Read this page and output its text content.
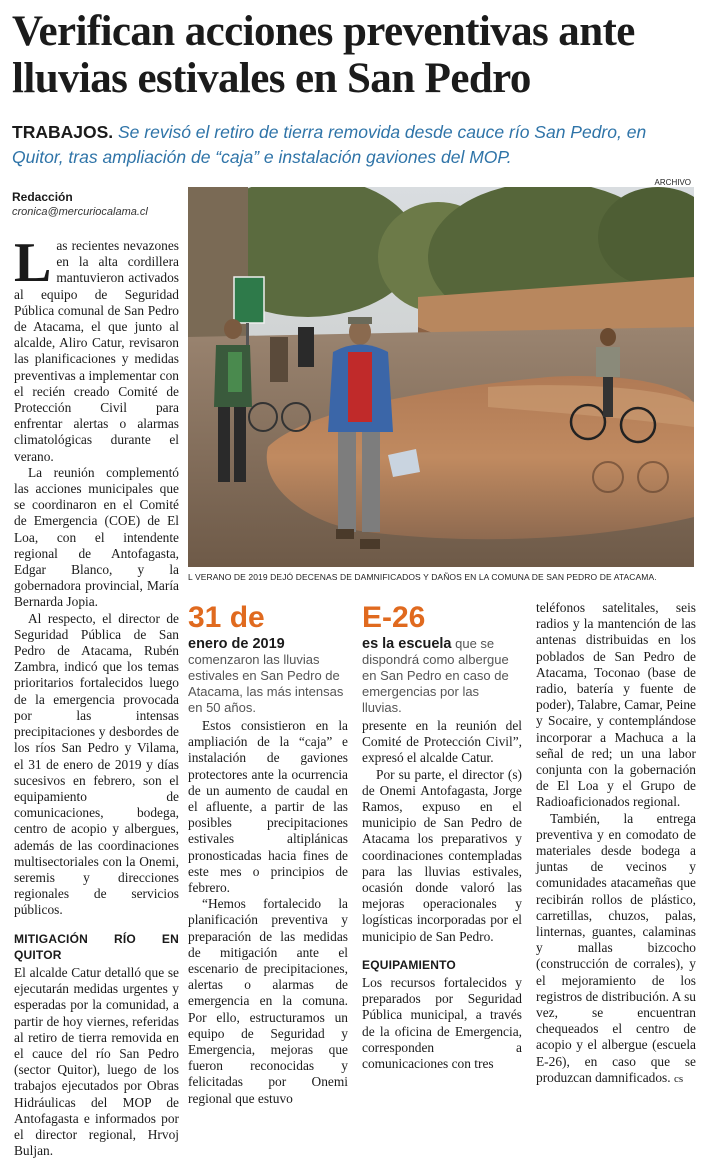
Verifican acciones preventivas ante lluvias estivales en San Pedro

TRABAJOS. Se revisó el retiro de tierra removida desde cauce río San Pedro, en Quitor, tras ampliación de “caja” e instalación gaviones del MOP.

Redacción
cronica@mercuriocalama.cl

Las recientes nevazones en la alta cordillera mantuvieron activados al equipo de Seguridad Pública comunal de San Pedro de Atacama, el que junto al alcalde, Aliro Catur, revisaron las planificaciones y medidas preventivas a implementar con el recién creado Comité de Protección Civil para enfrentar alertas o alarmas climatológicas durante el verano.

La reunión complementó las acciones municipales que se coordinaron en el Comité de Emergencia (COE) de El Loa, con el intendente regional de Antofagasta, Edgar Blanco, y la gobernadora provincial, María Bernarda Jopia.

Al respecto, el director de Seguridad Pública de San Pedro de Atacama, Rubén Zambra, indicó que los temas prioritarios fortalecidos luego de la emergencia provocada por las intensas precipitaciones y desbordes de los ríos San Pedro y Vilama, el 31 de enero de 2019 y días sucesivos en febrero, son el equipamiento de comunicaciones, bodega, centro de acopio y albergues, además de las coordinaciones multisectoriales con la Onemi, seremis y direcciones regionales de servicios públicos.

MITIGACIÓN RÍO EN QUITOR

El alcalde Catur detalló que se ejecutarán medidas urgentes y esperadas por la comunidad, a partir de hoy viernes, referidas al retiro de tierra removida en el cauce del río San Pedro (sector Quitor), luego de los trabajos ejecutados por Obras Hidráulicas del MOP de Antofagasta e informados por el director regional, Hrvoj Buljan.

ARCHIVO
L VERANO DE 2019 DEJÓ DECENAS DE DAMNIFICADOS Y DAÑOS EN LA COMUNA DE SAN PEDRO DE ATACAMA.
31 de
enero de 2019 comenzaron las lluvias estivales en San Pedro de Atacama, las más intensas en 50 años.
E-26
es la escuela que se dispondrá como albergue en San Pedro en caso de emergencias por las lluvias.

Estos consistieron en la ampliación de la “caja” e instalación de gaviones protectores ante la ocurrencia de un aumento de caudal en el afluente, a partir de las posibles precipitaciones estivales altiplánicas pronosticadas hacia fines de este mes o principios de febrero.

“Hemos fortalecido la planificación preventiva y preparación de las medidas de mitigación ante el escenario de precipitaciones, alertas o alarmas de emergencia en la comuna. Por ello, estructuramos un equipo de Seguridad y Emergencia, mejoras que fueron reconocidas y felicitadas por Onemi regional que estuvo

presente en la reunión del Comité de Protección Civil”, expresó el alcalde Catur.

Por su parte, el director (s) de Onemi Antofagasta, Jorge Ramos, expuso en el municipio de San Pedro de Atacama los preparativos y coordinaciones contempladas para las lluvias estivales, ocasión donde valoró las mejoras operacionales y logísticas incorporadas por el municipio de San Pedro.

EQUIPAMIENTO

Los recursos fortalecidos y preparados por Seguridad Pública municipal, a través de la oficina de Emergencia, corresponden a comunicaciones con tres

teléfonos satelitales, seis radios y la mantención de las antenas distribuidas en los poblados de San Pedro de Atacama, Toconao (base de radio, batería y fuente de poder), Talabre, Camar, Peine y Socaire, y contemplándose incorporar a Machuca a la señal de red; un una labor conjunta con la gobernación de El Loa y el Grupo de Radioaficionados regional.

También, la entrega preventiva y en comodato de materiales desde bodega a juntas de vecinos y comunidades atacameñas que recibirán rollos de plástico, carretillas, chuzos, palas, linternas, guantes, calaminas y mallas bizcocho (construcción de corrales), y el mejoramiento de los registros de distribución. A su vez, se encuentran chequeados el centro de acopio y el albergue (escuela E-26), en caso que se produzcan damnificados. cs
